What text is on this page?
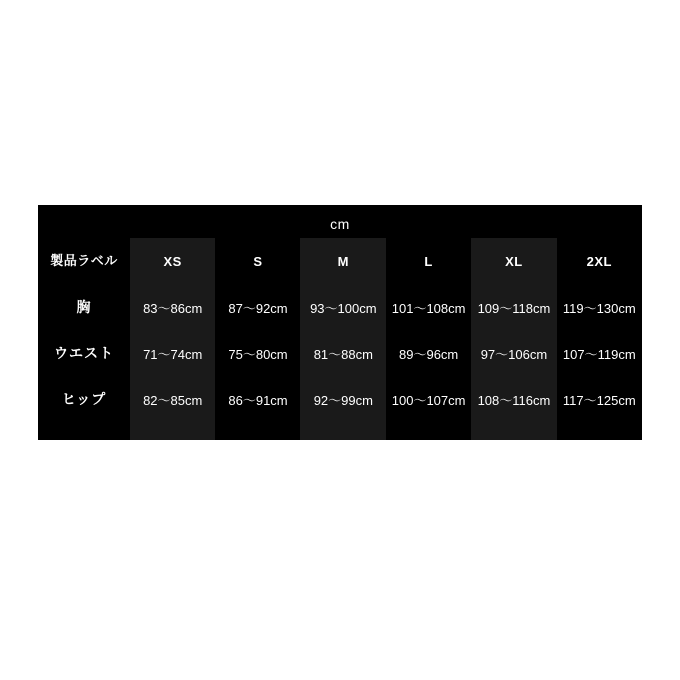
cm
製品ラベル	XS	S	M	L	XL	2XL
胸	83〜86cm	87〜92cm	93〜100cm	101〜108cm	109〜118cm	119〜130cm
ウエスト	71〜74cm	75〜80cm	81〜88cm	89〜96cm	97〜106cm	107〜119cm
ヒップ	82〜85cm	86〜91cm	92〜99cm	100〜107cm	108〜116cm	117〜125cm
